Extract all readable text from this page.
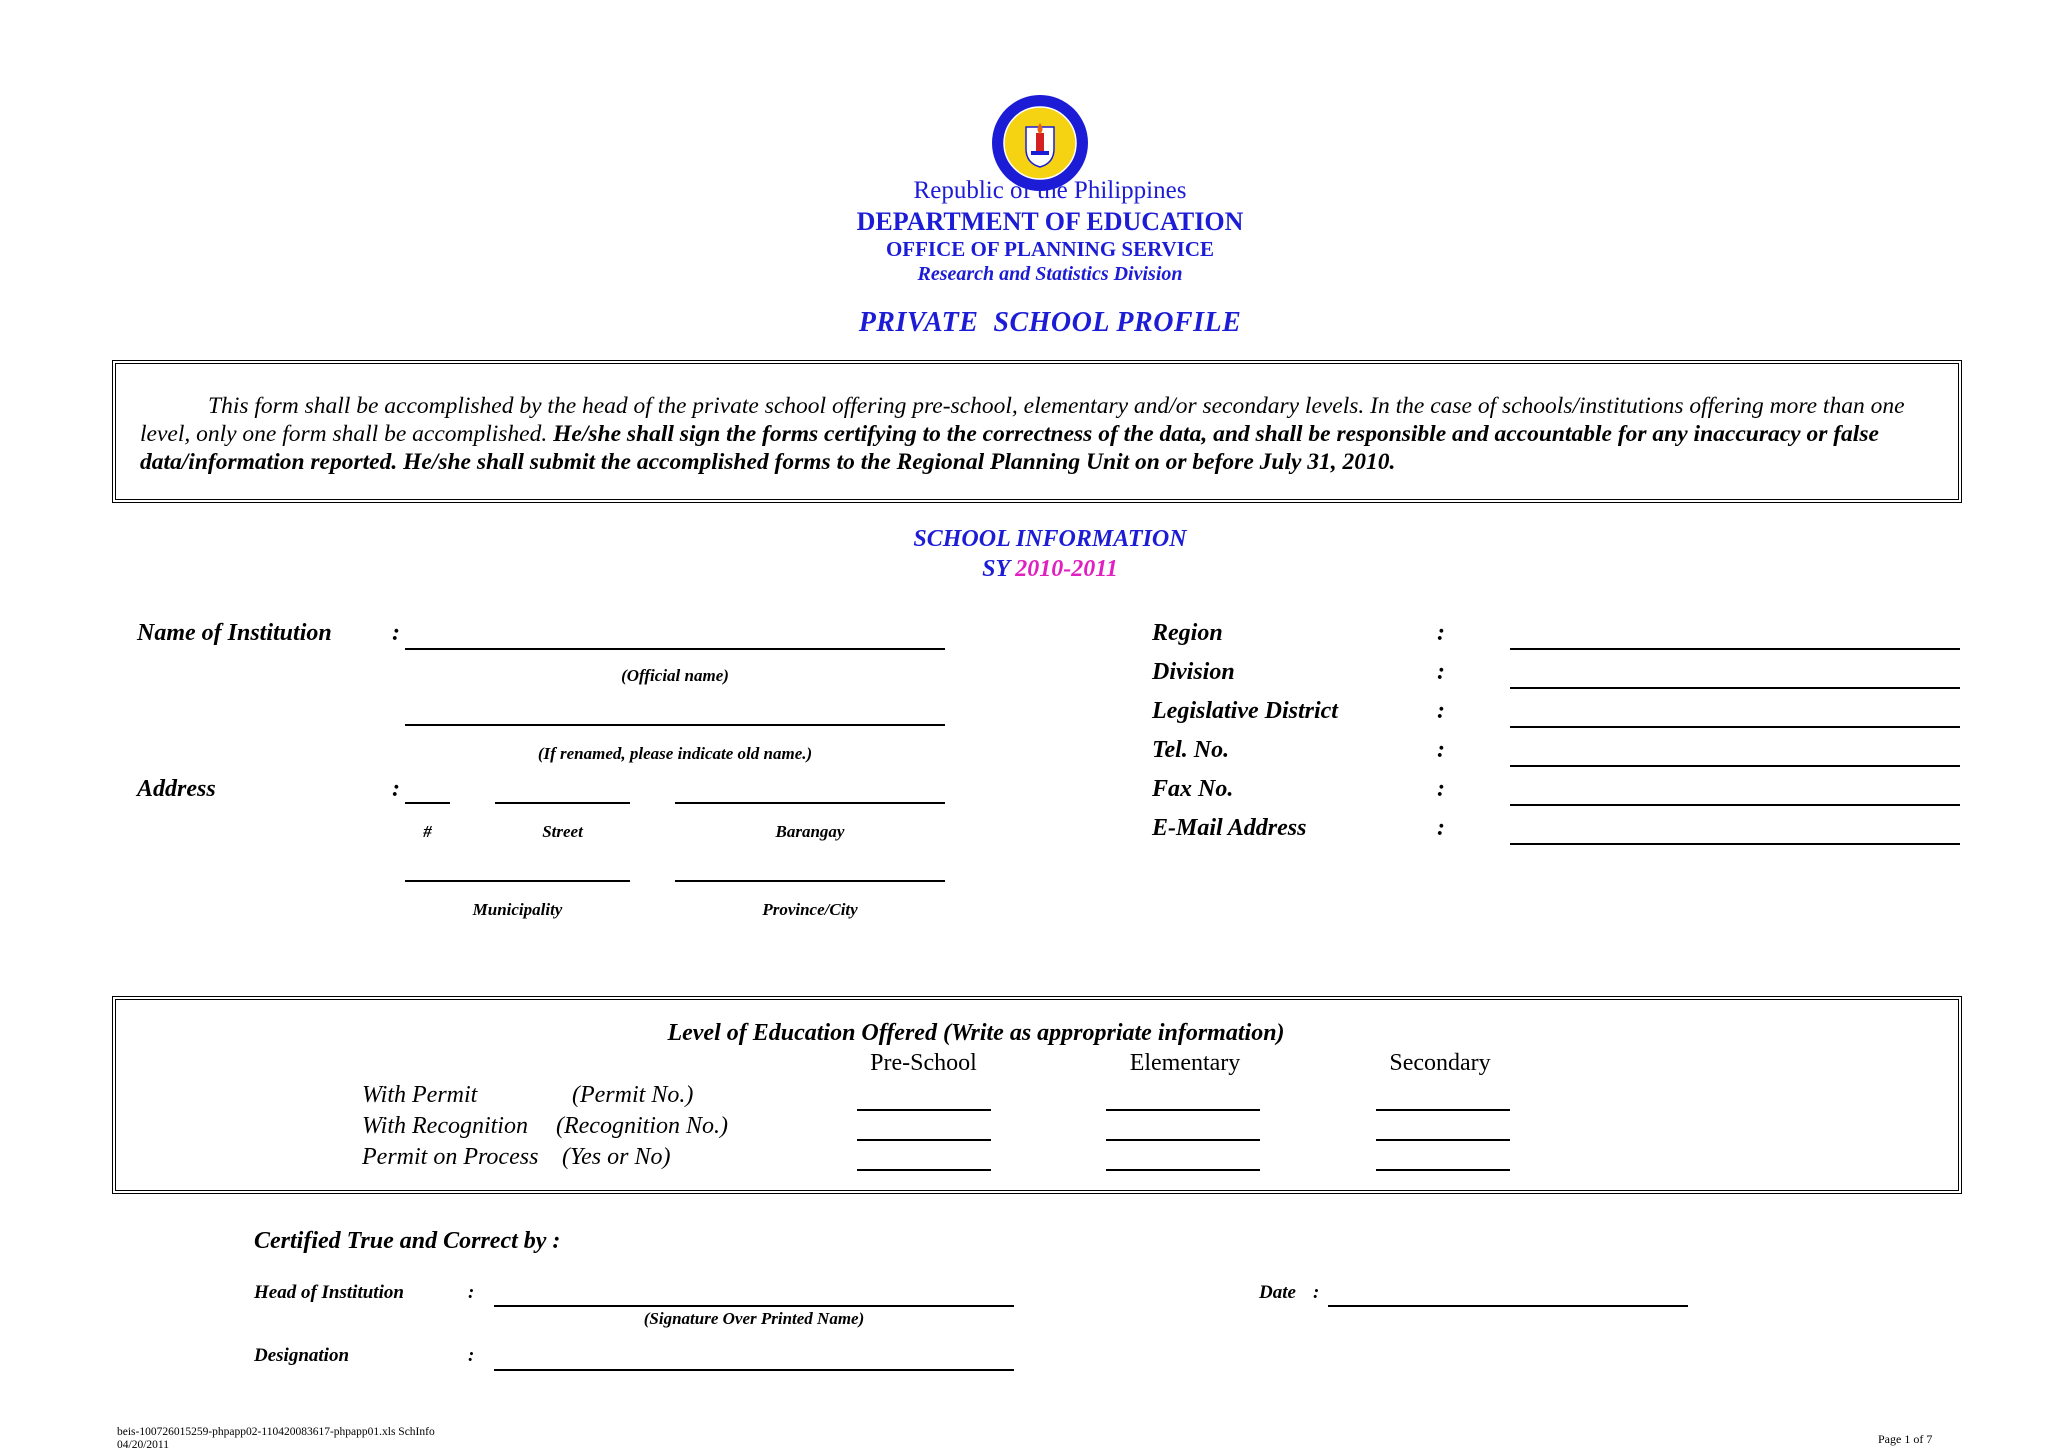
Republic of the Philippines
DEPARTMENT OF EDUCATION
OFFICE OF PLANNING SERVICE
Research and Statistics Division
PRIVATE  SCHOOL PROFILE
This form shall be accomplished by the head of the private school offering pre-school, elementary and/or secondary levels. In the case of schools/institutions offering more than one level, only one form shall be accomplished. He/she shall sign the forms certifying to the correctness of the data, and shall be responsible and accountable for any inaccuracy or false data/information reported. He/she shall submit the accomplished forms to the Regional Planning Unit on or before July 31, 2010.
SCHOOL INFORMATION
SY 2010-2011
Name of Institution	:
(Official name)
(If renamed, please indicate old name.)
Address	:
#	Street	Barangay
Municipality	Province/City
Region	:
Division	:
Legislative District	:
Tel. No.	:
Fax No.	:
E-Mail Address	:
Level of Education Offered (Write as appropriate information)
Pre-School	Elementary	Secondary
With Permit	(Permit No.)
With Recognition (Recognition No.)
Permit on Process (Yes or No)
Certified True and Correct by :
Head of Institution	:
(Signature Over Printed Name)
Date :
Designation	:
beis-100726015259-phpapp02-110420083617-phpapp01.xls SchInfo
04/20/2011	Page 1 of 7
